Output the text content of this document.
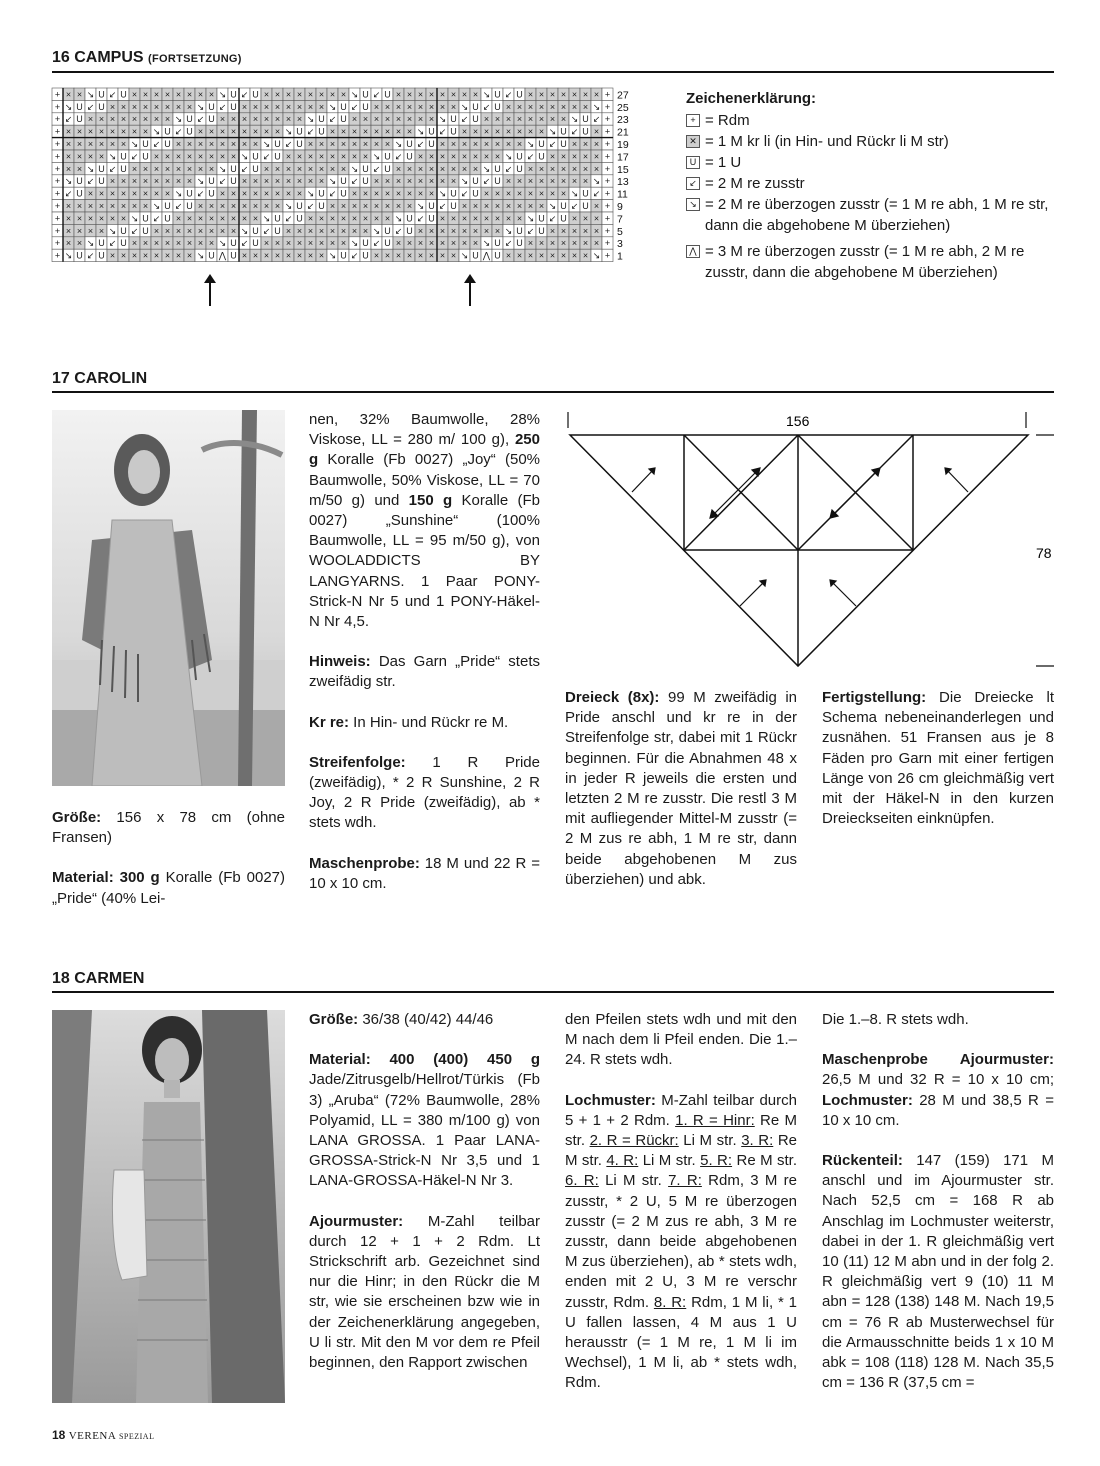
16 CAMPUS (FORTSETZUNG)
+ × × ↘ U ↙ U × × × × × × × × ↘ U ↙ U × × × × × × × × ↘ U ↙ U × × × × × × × × ↘ U ↙ U × × × × × × × +
+ ↘ U ↙ U × × × × × × × × ↘ U ↙ U × × × × × × × × ↘ U ↙ U × × × × × × × × ↘ U ↙ U × × × × × × × × ↘ +
+ ↙ U × × × × × × × × ↘ U ↙ U × × × × × × × × ↘ U ↙ U × × × × × × × × ↘ U ↙ U × × × × × × × × ↘ U ↙ +
+ × × × × × × × × ↘ U ↙ U × × × × × × × × ↘ U ↙ U × × × × × × × × ↘ U ↙ U × × × × × × × × ↘ U ↙ U × +
+ × × × × × × ↘ U ↙ U × × × × × × × × ↘ U ↙ U × × × × × × × × ↘ U ↙ U × × × × × × × × ↘ U ↙ U × × × +
+ × × × × ↘ U ↙ U × × × × × × × × ↘ U ↙ U × × × × × × × × ↘ U ↙ U × × × × × × × × ↘ U ↙ U × × × × × +
+ × × ↘ U ↙ U × × × × × × × × ↘ U ↙ U × × × × × × × × ↘ U ↙ U × × × × × × × × ↘ U ↙ U × × × × × × × +
+ ↘ U ↙ U × × × × × × × × ↘ U ↙ U × × × × × × × × ↘ U ↙ U × × × × × × × × ↘ U ↙ U × × × × × × × × ↘ +
+ ↙ U × × × × × × × × ↘ U ↙ U × × × × × × × × ↘ U ↙ U × × × × × × × × ↘ U ↙ U × × × × × × × × ↘ U ↙ +
+ × × × × × × × × ↘ U ↙ U × × × × × × × × ↘ U ↙ U × × × × × × × × ↘ U ↙ U × × × × × × × × ↘ U ↙ U × +
+ × × × × × × ↘ U ↙ U × × × × × × × × ↘ U ↙ U × × × × × × × × ↘ U ↙ U × × × × × × × × ↘ U ↙ U × × × +
+ × × × × ↘ U ↙ U × × × × × × × × ↘ U ↙ U × × × × × × × × ↘ U ↙ U × × × × × × × × ↘ U ↙ U × × × × × +
+ × × ↘ U ↙ U × × × × × × × × ↘ U ↙ U × × × × × × × × ↘ U ↙ U × × × × × × × × ↘ U ↙ U × × × × × × × +
+ ↘ U ↙ U × × × × × × × × ↘ U ⋀ U × × × × × × × × ↘ U ↙ U × × × × × × × × ↘ U ⋀ U × × × × × × × × ↘ +
27
25
23
21
19
17
15
13
11
9
7
5
3
1
Zeichenerklärung:
+ = Rdm
✕ = 1 M kr li (in Hin- und Rückr li M str)
U = 1 U
↙ = 2 M re zusstr
↘ = 2 M re überzogen zusstr (= 1 M re abh, 1 M re str, dann die abgehobene M überziehen)
⋀ = 3 M re überzogen zusstr (= 1 M re abh, 2 M re zusstr, dann die abgehobene M überziehen)
17 CAROLIN

Größe: 156 x 78 cm (ohne Fransen)

Material: 300 g Koralle (Fb 0027) „Pride“ (40% Lei-

nen, 32% Baumwolle, 28% Viskose, LL = 280 m/ 100 g), 250 g Koralle (Fb 0027) „Joy“ (50% Baumwolle, 50% Viskose, LL = 70 m/50 g) und 150 g Koralle (Fb 0027) „Sunshine“ (100% Baumwolle, LL = 95 m/50 g), von WOOLADDICTS BY LANGYARNS. 1 Paar PONY-Strick-N Nr 5 und 1 PONY-Häkel-N Nr 4,5.

Hinweis: Das Garn „Pride“ stets zweifädig str.

Kr re: In Hin- und Rückr re M.

Streifenfolge: 1 R Pride (zweifädig), * 2 R Sunshine, 2 R Joy, 2 R Pride (zweifädig), ab * stets wdh.

Maschenprobe: 18 M und 22 R = 10 x 10 cm.

156
78

Dreieck (8x): 99 M zweifädig in Pride anschl und kr re in der Streifenfolge str, dabei mit 1 Rückr beginnen. Für die Abnahmen 48 x in jeder R jeweils die ersten und letzten 2 M re zusstr. Die restl 3 M mit aufliegender Mittel-M zusstr (= 2 M zus re abh, 1 M re str, dann beide abgehobenen M zus überziehen) und abk.

Fertigstellung: Die Dreiecke lt Schema nebeneinanderlegen und zusnähen. 51 Fransen aus je 8 Fäden pro Garn mit einer fertigen Länge von 26 cm gleichmäßig vert mit der Häkel-N in den kurzen Dreieckseiten einknüpfen.

18 CARMEN

Größe: 36/38 (40/42) 44/46

Material: 400 (400) 450 g Jade/Zitrusgelb/Hellrot/Türkis (Fb 3) „Aruba“ (72% Baumwolle, 28% Polyamid, LL = 380 m/100 g) von LANA GROSSA. 1 Paar LANA-GROSSA-Strick-N Nr 3,5 und 1 LANA-GROSSA-Häkel-N Nr 3.

Ajourmuster: M-Zahl teilbar durch 12 + 1 + 2 Rdm. Lt Strickschrift arb. Gezeichnet sind nur die Hinr; in den Rückr die M str, wie sie erscheinen bzw wie in der Zeichenerklärung angegeben, U li str. Mit den M vor dem re Pfeil beginnen, den Rapport zwischen

den Pfeilen stets wdh und mit den M nach dem li Pfeil enden. Die 1.–24. R stets wdh.

Lochmuster: M-Zahl teilbar durch 5 + 1 + 2 Rdm. 1. R = Hinr: Re M str. 2. R = Rückr: Li M str. 3. R: Re M str. 4. R: Li M str. 5. R: Re M str. 6. R: Li M str. 7. R: Rdm, 3 M re zusstr, * 2 U, 5 M re überzogen zusstr (= 2 M zus re abh, 3 M re zusstr, dann beide abgehobenen M zus überziehen), ab * stets wdh, enden mit 2 U, 3 M re verschr zusstr, Rdm. 8. R: Rdm, 1 M li, * 1 U fallen lassen, 4 M aus 1 U herausstr (= 1 M re, 1 M li im Wechsel), 1 M li, ab * stets wdh, Rdm.

Die 1.–8. R stets wdh.

Maschenprobe Ajourmuster: 26,5 M und 32 R = 10 x 10 cm; Lochmuster: 28 M und 38,5 R = 10 x 10 cm.

Rückenteil: 147 (159) 171 M anschl und im Ajourmuster str. Nach 52,5 cm = 168 R ab Anschlag im Lochmuster weiterstr, dabei in der 1. R gleichmäßig vert 10 (11) 12 M abn und in der folg 2. R gleichmäßig vert 9 (10) 11 M abn = 128 (138) 148 M. Nach 19,5 cm = 76 R ab Musterwechsel für die Armausschnitte beids 1 x 10 M abk = 108 (118) 128 M. Nach 35,5 cm = 136 R (37,5 cm =

18 VERENA SPEZIAL
